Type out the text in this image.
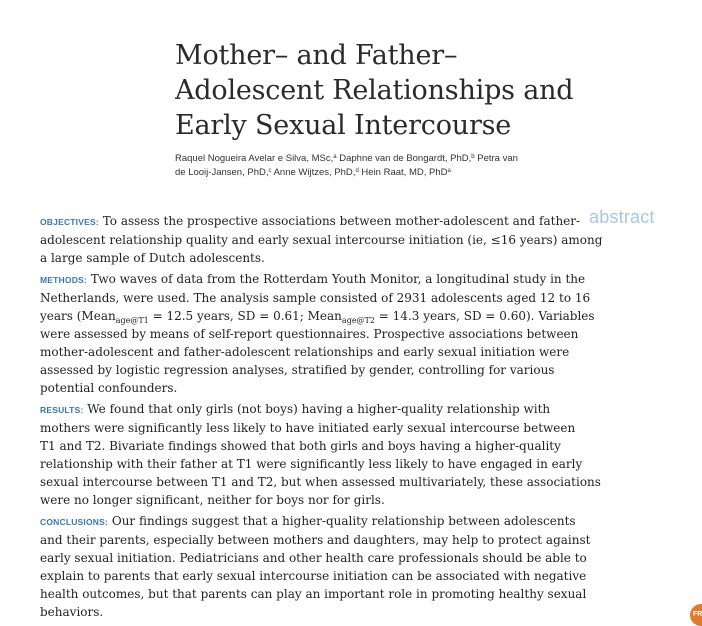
Mother– and Father–
Adolescent Relationships and
Early Sexual Intercourse
Raquel Nogueira Avelar e Silva, MSc,$^a$ Daphne van de Bongardt, PhD,$^b$ Petra van
de Looij-Jansen, PhD,$^c$ Anne Wijtzes, PhD,$^d$ Hein Raat, MD, PhD$^a$
abstract

OBJECTIVES: To assess the prospective associations between mother-adolescent and father-
adolescent relationship quality and early sexual intercourse initiation (ie, ≤16 years) among
a large sample of Dutch adolescents.

METHODS: Two waves of data from the Rotterdam Youth Monitor, a longitudinal study in the
Netherlands, were used. The analysis sample consisted of 2931 adolescents aged 12 to 16
years (Mean$_{age@T1}$ = 12.5 years, SD = 0.61; Mean$_{age@T2}$ = 14.3 years, SD = 0.60). Variables
were assessed by means of self-report questionnaires. Prospective associations between
mother-adolescent and father-adolescent relationships and early sexual initiation were
assessed by logistic regression analyses, stratified by gender, controlling for various
potential confounders.

RESULTS: We found that only girls (not boys) having a higher-quality relationship with
mothers were significantly less likely to have initiated early sexual intercourse between
T1 and T2. Bivariate findings showed that both girls and boys having a higher-quality
relationship with their father at T1 were significantly less likely to have engaged in early
sexual intercourse between T1 and T2, but when assessed multivariately, these associations
were no longer significant, neither for boys nor for girls.

CONCLUSIONS: Our findings suggest that a higher-quality relationship between adolescents
and their parents, especially between mothers and daughters, may help to protect against
early sexual initiation. Pediatricians and other health care professionals should be able to
explain to parents that early sexual intercourse initiation can be associated with negative
health outcomes, but that parents can play an important role in promoting healthy sexual
behaviors.	FR
